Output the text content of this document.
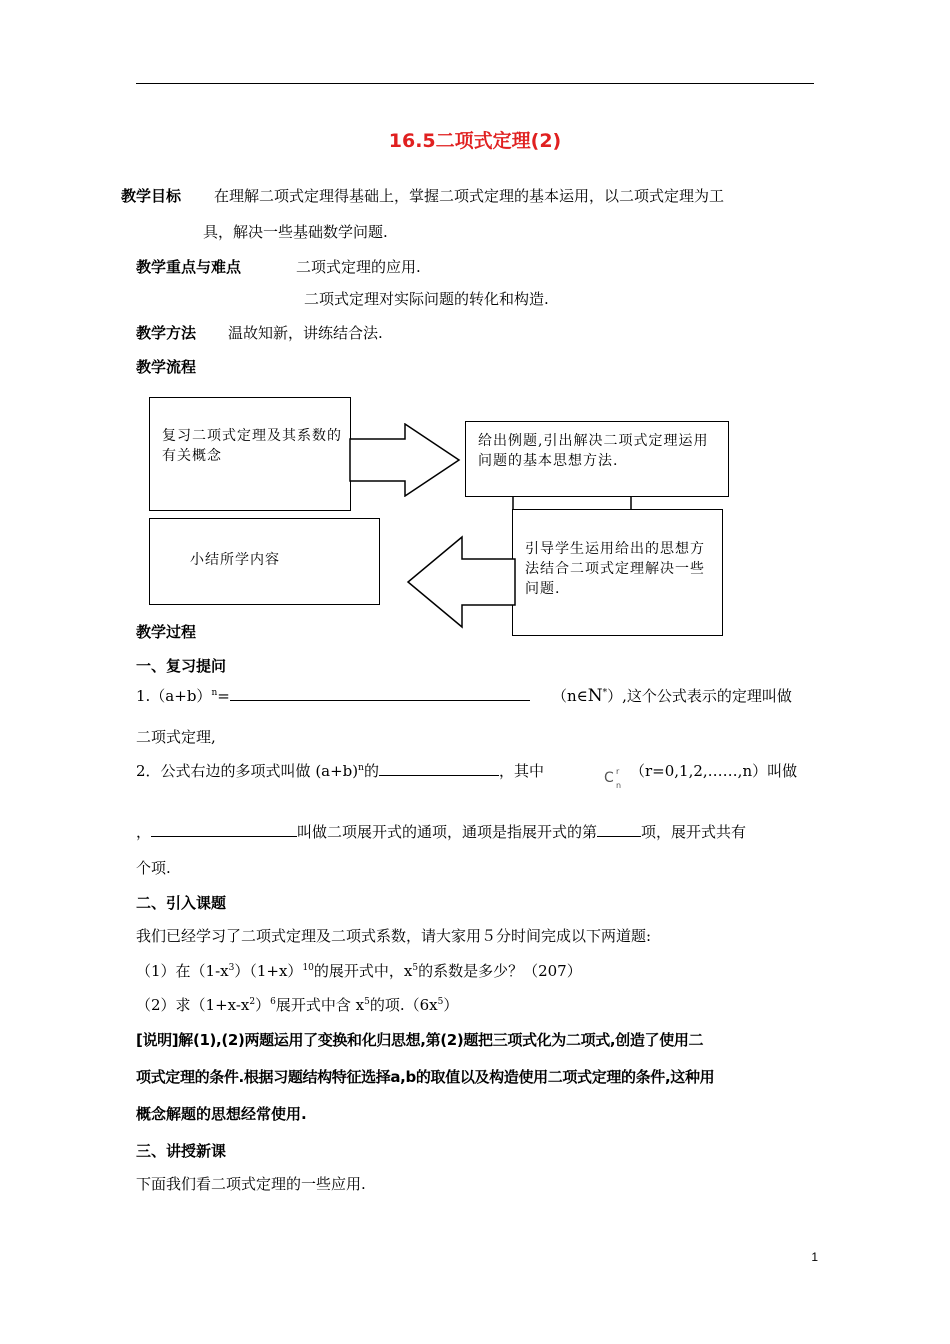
16.5二项式定理(2)
教学目标 在理解二项式定理得基础上，掌握二项式定理的基本运用，以二项式定理为工
具，解决一些基础数学问题.
教学重点与难点	二项式定理的应用.
二项式定理对实际问题的转化和构造.
教学方法 温故知新，讲练结合法.
教学流程
复习二项式定理及其系数的有关概念
给出例题,引出解决二项式定理运用问题的基本思想方法.
引导学生运用给出的思想方法结合二项式定理解决一些问题.
小结所学内容
教学过程
一、复习提问
$1.(a+b)^n=$	（n∈N*）,这个公式表示的定理叫做
二项式定理,
2．公式右边的多项式叫做 $(a+b)^n$的	，其中	C r
n
（r=0,1,2,……,n）叫做
，	叫做二项展开式的通项，通项是指展开式的第	项，展开式共有
个项.
二、引入课题
我们已经学习了二项式定理及二项式系数，请大家用５分时间完成以下两道题:
（1）在$(1-x^3)(1+x)^{10}$的展开式中，$x^5$的系数是多少？（207）
（2）求$(1+x-x^2)^6$展开式中含 $x^5$的项$.(6x^5)$
[说明]解(1),(2)两题运用了变换和化归思想,第(2)题把三项式化为二项式,创造了使用二
项式定理的条件.根据习题结构特征选择a,b的取值以及构造使用二项式定理的条件,这种用
概念解题的思想经常使用.
三、讲授新课
下面我们看二项式定理的一些应用.
1
